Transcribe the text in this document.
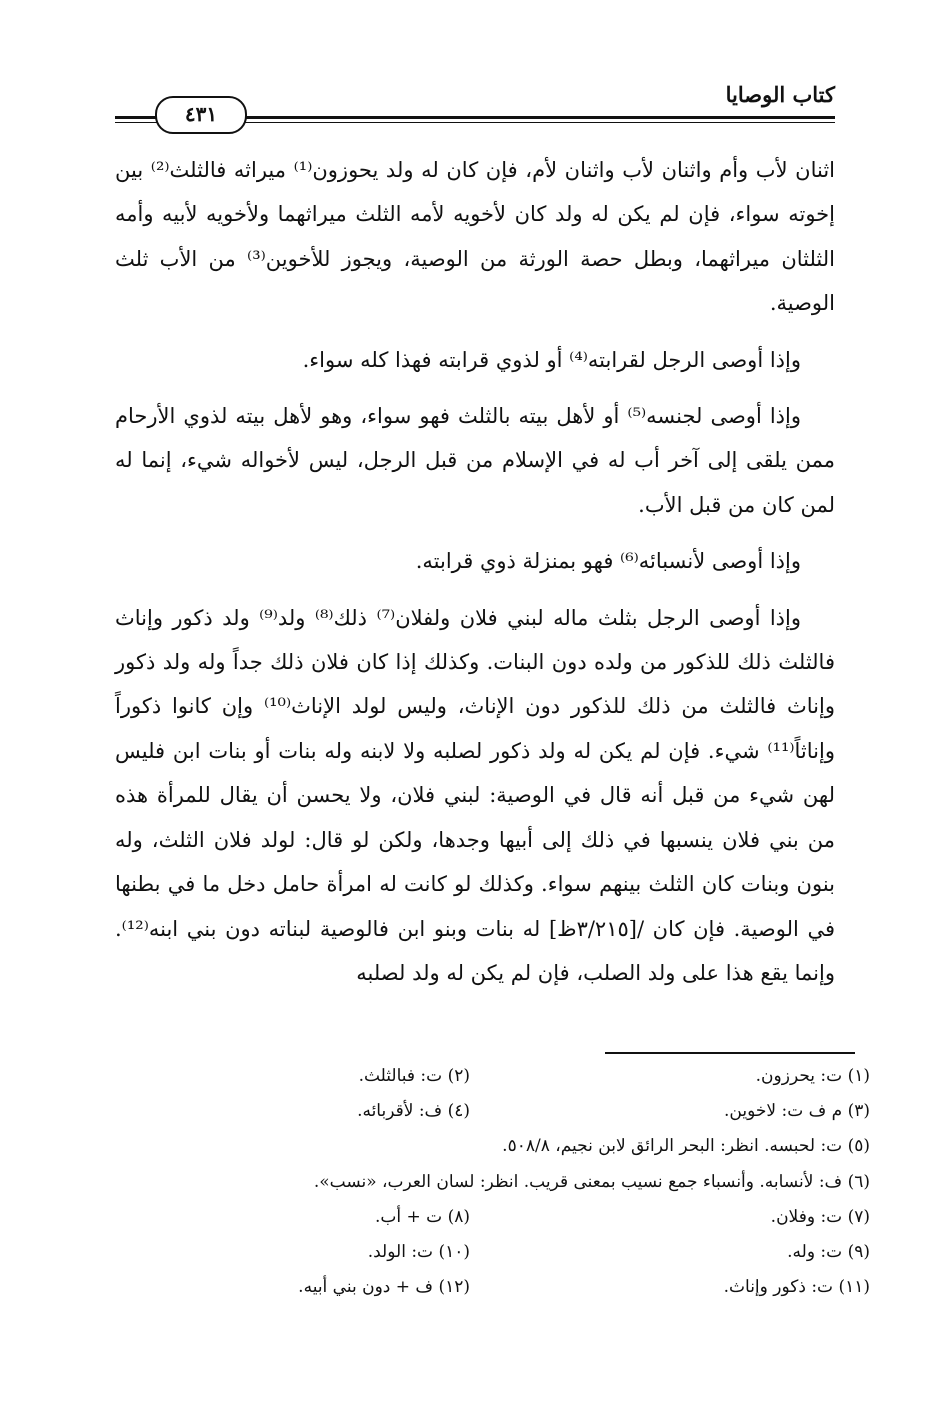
كتاب الوصايا
٤٣١

اثنان لأب وأم واثنان لأب واثنان لأم، فإن كان له ولد يحوزون⁽¹⁾ ميراثه فالثلث⁽²⁾ بين إخوته سواء، فإن لم يكن له ولد كان لأخويه لأمه الثلث ميراثهما ولأخويه لأبيه وأمه الثلثان ميراثهما، وبطل حصة الورثة من الوصية، ويجوز للأخوين⁽³⁾ من الأب ثلث الوصية.

وإذا أوصى الرجل لقرابته⁽⁴⁾ أو لذوي قرابته فهذا كله سواء.

وإذا أوصى لجنسه⁽⁵⁾ أو لأهل بيته بالثلث فهو سواء، وهو لأهل بيته لذوي الأرحام ممن يلقى إلى آخر أب له في الإسلام من قبل الرجل، ليس لأخواله شيء، إنما له لمن كان من قبل الأب.

وإذا أوصى لأنسبائه⁽⁶⁾ فهو بمنزلة ذوي قرابته.

وإذا أوصى الرجل بثلث ماله لبني فلان ولفلان⁽⁷⁾ ذلك⁽⁸⁾ ولد⁽⁹⁾ ولد ذكور وإناث فالثلث ذلك للذكور من ولده دون البنات. وكذلك إذا كان فلان ذلك جداً وله ولد ذكور وإناث فالثلث من ذلك للذكور دون الإناث، وليس لولد الإناث⁽¹⁰⁾ وإن كانوا ذكوراً وإناثاً⁽¹¹⁾ شيء. فإن لم يكن له ولد ذكور لصلبه ولا لابنه وله بنات أو بنات ابن فليس لهن شيء من قبل أنه قال في الوصية: لبني فلان، ولا يحسن أن يقال للمرأة هذه من بني فلان ينسبها في ذلك إلى أبيها وجدها، ولكن لو قال: لولد فلان الثلث، وله بنون وبنات كان الثلث بينهم سواء. وكذلك لو كانت له امرأة حامل دخل ما في بطنها في الوصية. فإن كان /[٣/٢١٥ظ] له بنات وبنو ابن فالوصية لبناته دون بني ابنه⁽¹²⁾. وإنما يقع هذا على ولد الصلب، فإن لم يكن له ولد لصلبه

(١) ت: يحرزون.
(٢) ت: فبالثلث.
(٣) م ف ت: لاخوين.
(٤) ف: لأقربائه.
(٥) ت: لحبسه. انظر: البحر الرائق لابن نجيم، ٥٠٨/٨.
(٦) ف: لأنسابه. وأنسباء جمع نسيب بمعنى قريب. انظر: لسان العرب، «نسب».
(٧) ت: وفلان.
(٨) ت + أب.
(٩) ت: وله.
(١٠) ت: الولد.
(١١) ت: ذكور وإناث.
(١٢) ف + دون بني أبيه.
